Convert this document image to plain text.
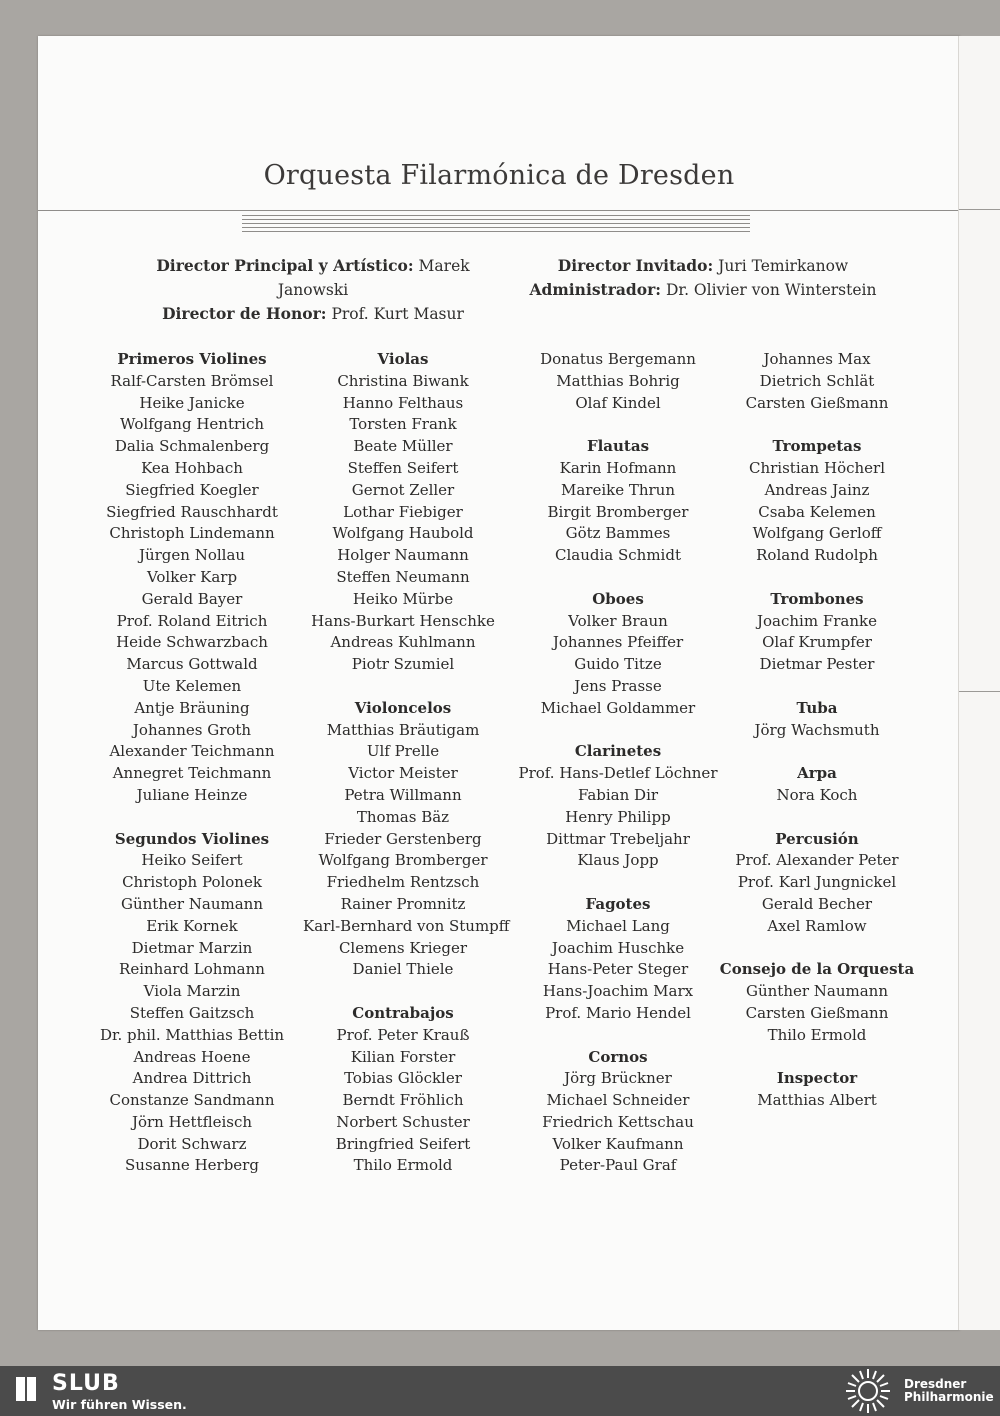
Orquesta Filarmónica de Dresden
Director Principal y Artístico: Marek Janowski
Director de Honor: Prof. Kurt Masur
Director Invitado: Juri Temirkanow
Administrador: Dr. Olivier von Winterstein
Primeros Violines
Ralf-Carsten Brömsel
Heike Janicke
Wolfgang Hentrich
Dalia Schmalenberg
Kea Hohbach
Siegfried Koegler
Siegfried Rauschhardt
Christoph Lindemann
Jürgen Nollau
Volker Karp
Gerald Bayer
Prof. Roland Eitrich
Heide Schwarzbach
Marcus Gottwald
Ute Kelemen
Antje Bräuning
Johannes Groth
Alexander Teichmann
Annegret Teichmann
Juliane Heinze
Segundos Violines
Heiko Seifert
Christoph Polonek
Günther Naumann
Erik Kornek
Dietmar Marzin
Reinhard Lohmann
Viola Marzin
Steffen Gaitzsch
Dr. phil. Matthias Bettin
Andreas Hoene
Andrea Dittrich
Constanze Sandmann
Jörn Hettfleisch
Dorit Schwarz
Susanne Herberg
Violas
Christina Biwank
Hanno Felthaus
Torsten Frank
Beate Müller
Steffen Seifert
Gernot Zeller
Lothar Fiebiger
Wolfgang Haubold
Holger Naumann
Steffen Neumann
Heiko Mürbe
Hans-Burkart Henschke
Andreas Kuhlmann
Piotr Szumiel
Violoncelos
Matthias Bräutigam
Ulf Prelle
Victor Meister
Petra Willmann
Thomas Bäz
Frieder Gerstenberg
Wolfgang Bromberger
Friedhelm Rentzsch
Rainer Promnitz
Karl-Bernhard von Stumpff
Clemens Krieger
Daniel Thiele
Contrabajos
Prof. Peter Krauß
Kilian Forster
Tobias Glöckler
Berndt Fröhlich
Norbert Schuster
Bringfried Seifert
Thilo Ermold
Donatus Bergemann
Matthias Bohrig
Olaf Kindel
Flautas
Karin Hofmann
Mareike Thrun
Birgit Bromberger
Götz Bammes
Claudia Schmidt
Oboes
Volker Braun
Johannes Pfeiffer
Guido Titze
Jens Prasse
Michael Goldammer
Clarinetes
Prof. Hans-Detlef Löchner
Fabian Dir
Henry Philipp
Dittmar Trebeljahr
Klaus Jopp
Fagotes
Michael Lang
Joachim Huschke
Hans-Peter Steger
Hans-Joachim Marx
Prof. Mario Hendel
Cornos
Jörg Brückner
Michael Schneider
Friedrich Kettschau
Volker Kaufmann
Peter-Paul Graf
Johannes Max
Dietrich Schlät
Carsten Gießmann
Trompetas
Christian Höcherl
Andreas Jainz
Csaba Kelemen
Wolfgang Gerloff
Roland Rudolph
Trombones
Joachim Franke
Olaf Krumpfer
Dietmar Pester
Tuba
Jörg Wachsmuth
Arpa
Nora Koch
Percusión
Prof. Alexander Peter
Prof. Karl Jungnickel
Gerald Becher
Axel Ramlow
Consejo de la Orquesta
Günther Naumann
Carsten Gießmann
Thilo Ermold
Inspector
Matthias Albert
SLUB
Wir führen Wissen.
Dresdner
Philharmonie
